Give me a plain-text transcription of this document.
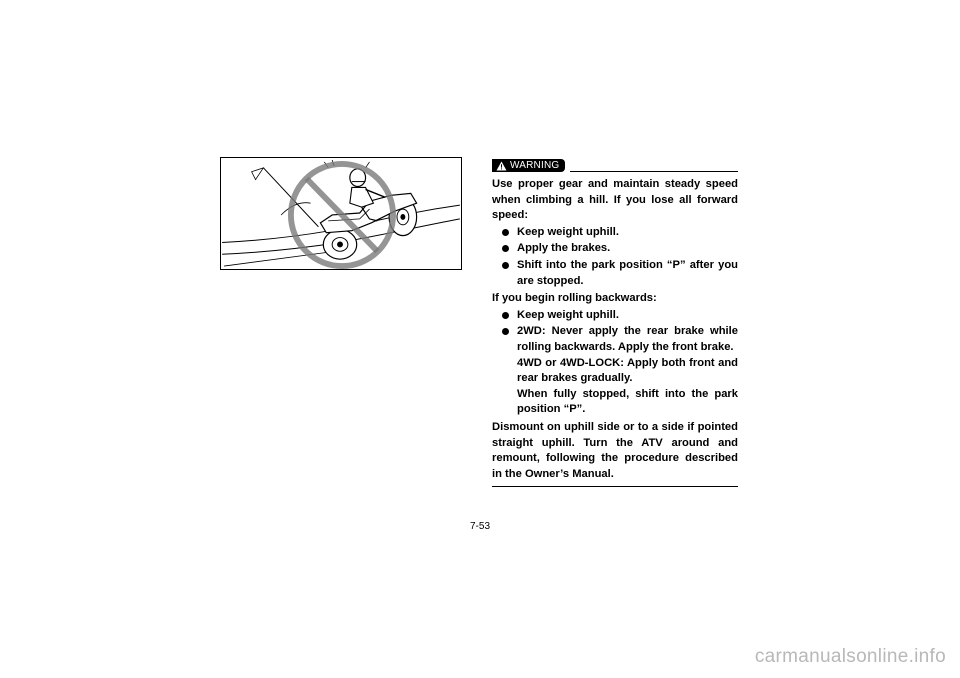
WARNING

Use proper gear and maintain steady speed when climbing a hill. If you lose all forward speed:

Keep weight uphill.
Apply the brakes.
Shift into the park position “P” after you are stopped.

If you begin rolling backwards:

Keep weight uphill.
2WD: Never apply the rear brake while rolling backwards. Apply the front brake.
4WD or 4WD-LOCK: Apply both front and rear brakes gradually.
When fully stopped, shift into the park position “P”.

Dismount on uphill side or to a side if pointed straight uphill. Turn the ATV around and remount, following the procedure described in the Owner’s Manual.

7-53
carmanualsonline.info
